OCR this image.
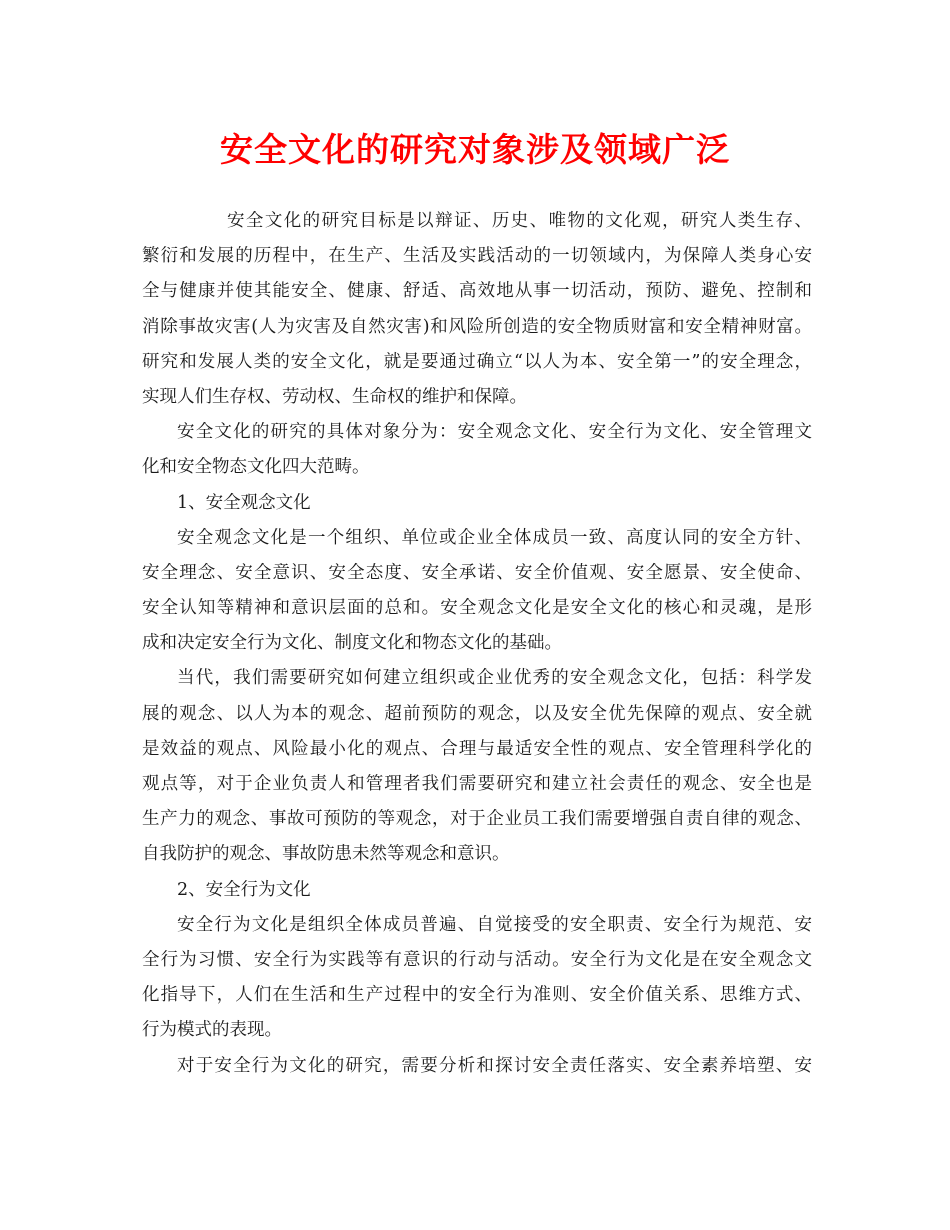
安全文化的研究对象涉及领域广泛
安全文化的研究目标是以辩证、历史、唯物的文化观，研究人类生存、
繁衍和发展的历程中，在生产、生活及实践活动的一切领域内，为保障人类身心安
全与健康并使其能安全、健康、舒适、高效地从事一切活动，预防、避免、控制和
消除事故灾害(人为灾害及自然灾害)和风险所创造的安全物质财富和安全精神财富。
研究和发展人类的安全文化，就是要通过确立“以人为本、安全第一”的安全理念，
实现人们生存权、劳动权、生命权的维护和保障。
安全文化的研究的具体对象分为：安全观念文化、安全行为文化、安全管理文
化和安全物态文化四大范畴。
1、安全观念文化
安全观念文化是一个组织、单位或企业全体成员一致、高度认同的安全方针、
安全理念、安全意识、安全态度、安全承诺、安全价值观、安全愿景、安全使命、
安全认知等精神和意识层面的总和。安全观念文化是安全文化的核心和灵魂，是形
成和决定安全行为文化、制度文化和物态文化的基础。
当代，我们需要研究如何建立组织或企业优秀的安全观念文化，包括：科学发
展的观念、以人为本的观念、超前预防的观念，以及安全优先保障的观点、安全就
是效益的观点、风险最小化的观点、合理与最适安全性的观点、安全管理科学化的
观点等，对于企业负责人和管理者我们需要研究和建立社会责任的观念、安全也是
生产力的观念、事故可预防的等观念，对于企业员工我们需要增强自责自律的观念、
自我防护的观念、事故防患未然等观念和意识。
2、安全行为文化
安全行为文化是组织全体成员普遍、自觉接受的安全职责、安全行为规范、安
全行为习惯、安全行为实践等有意识的行动与活动。安全行为文化是在安全观念文
化指导下，人们在生活和生产过程中的安全行为准则、安全价值关系、思维方式、
行为模式的表现。
对于安全行为文化的研究，需要分析和探讨安全责任落实、安全素养培塑、安
